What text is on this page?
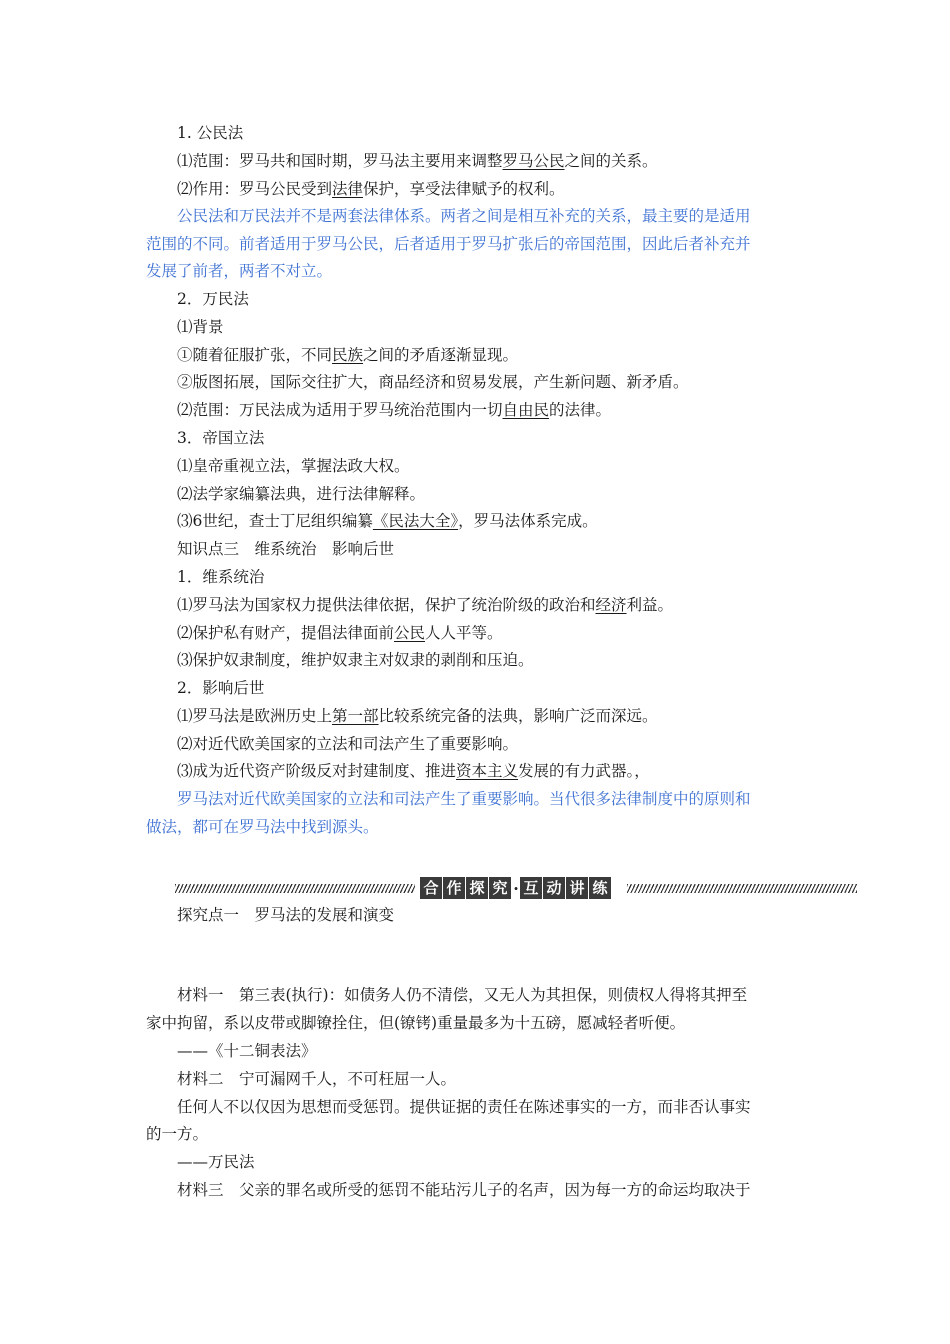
1. 公民法
⑴范围：罗马共和国时期，罗马法主要用来调整罗马公民之间的关系。
⑵作用：罗马公民受到法律保护，享受法律赋予的权利。
公民法和万民法并不是两套法律体系。两者之间是相互补充的关系，最主要的是适用
范围的不同。前者适用于罗马公民，后者适用于罗马扩张后的帝国范围，因此后者补充并
发展了前者，两者不对立。
2．万民法
⑴背景
①随着征服扩张，不同民族之间的矛盾逐渐显现。
②版图拓展，国际交往扩大，商品经济和贸易发展，产生新问题、新矛盾。
⑵范围：万民法成为适用于罗马统治范围内一切自由民的法律。
3．帝国立法
⑴皇帝重视立法，掌握法政大权。
⑵法学家编纂法典，进行法律解释。
⑶6世纪，查士丁尼组织编纂《民法大全》，罗马法体系完成。
知识点三　维系统治　影响后世
1．维系统治
⑴罗马法为国家权力提供法律依据，保护了统治阶级的政治和经济利益。
⑵保护私有财产，提倡法律面前公民人人平等。
⑶保护奴隶制度，维护奴隶主对奴隶的剥削和压迫。
2．影响后世
⑴罗马法是欧洲历史上第一部比较系统完备的法典，影响广泛而深远。
⑵对近代欧美国家的立法和司法产生了重要影响。
⑶成为近代资产阶级反对封建制度、推进资本主义发展的有力武器。，
罗马法对近代欧美国家的立法和司法产生了重要影响。当代很多法律制度中的原则和
做法，都可在罗马法中找到源头。
合 作 探 究 · 互 动 讲 练
探究点一　罗马法的发展和演变
材料一　第三表(执行)：如债务人仍不清偿，又无人为其担保，则债权人得将其押至
家中拘留，系以皮带或脚镣拴住，但(镣铐)重量最多为十五磅，愿减轻者听便。
——《十二铜表法》
材料二　宁可漏网千人，不可枉屈一人。
任何人不以仅因为思想而受惩罚。提供证据的责任在陈述事实的一方，而非否认事实
的一方。
——万民法
材料三　父亲的罪名或所受的惩罚不能玷污儿子的名声，因为每一方的命运均取决于
